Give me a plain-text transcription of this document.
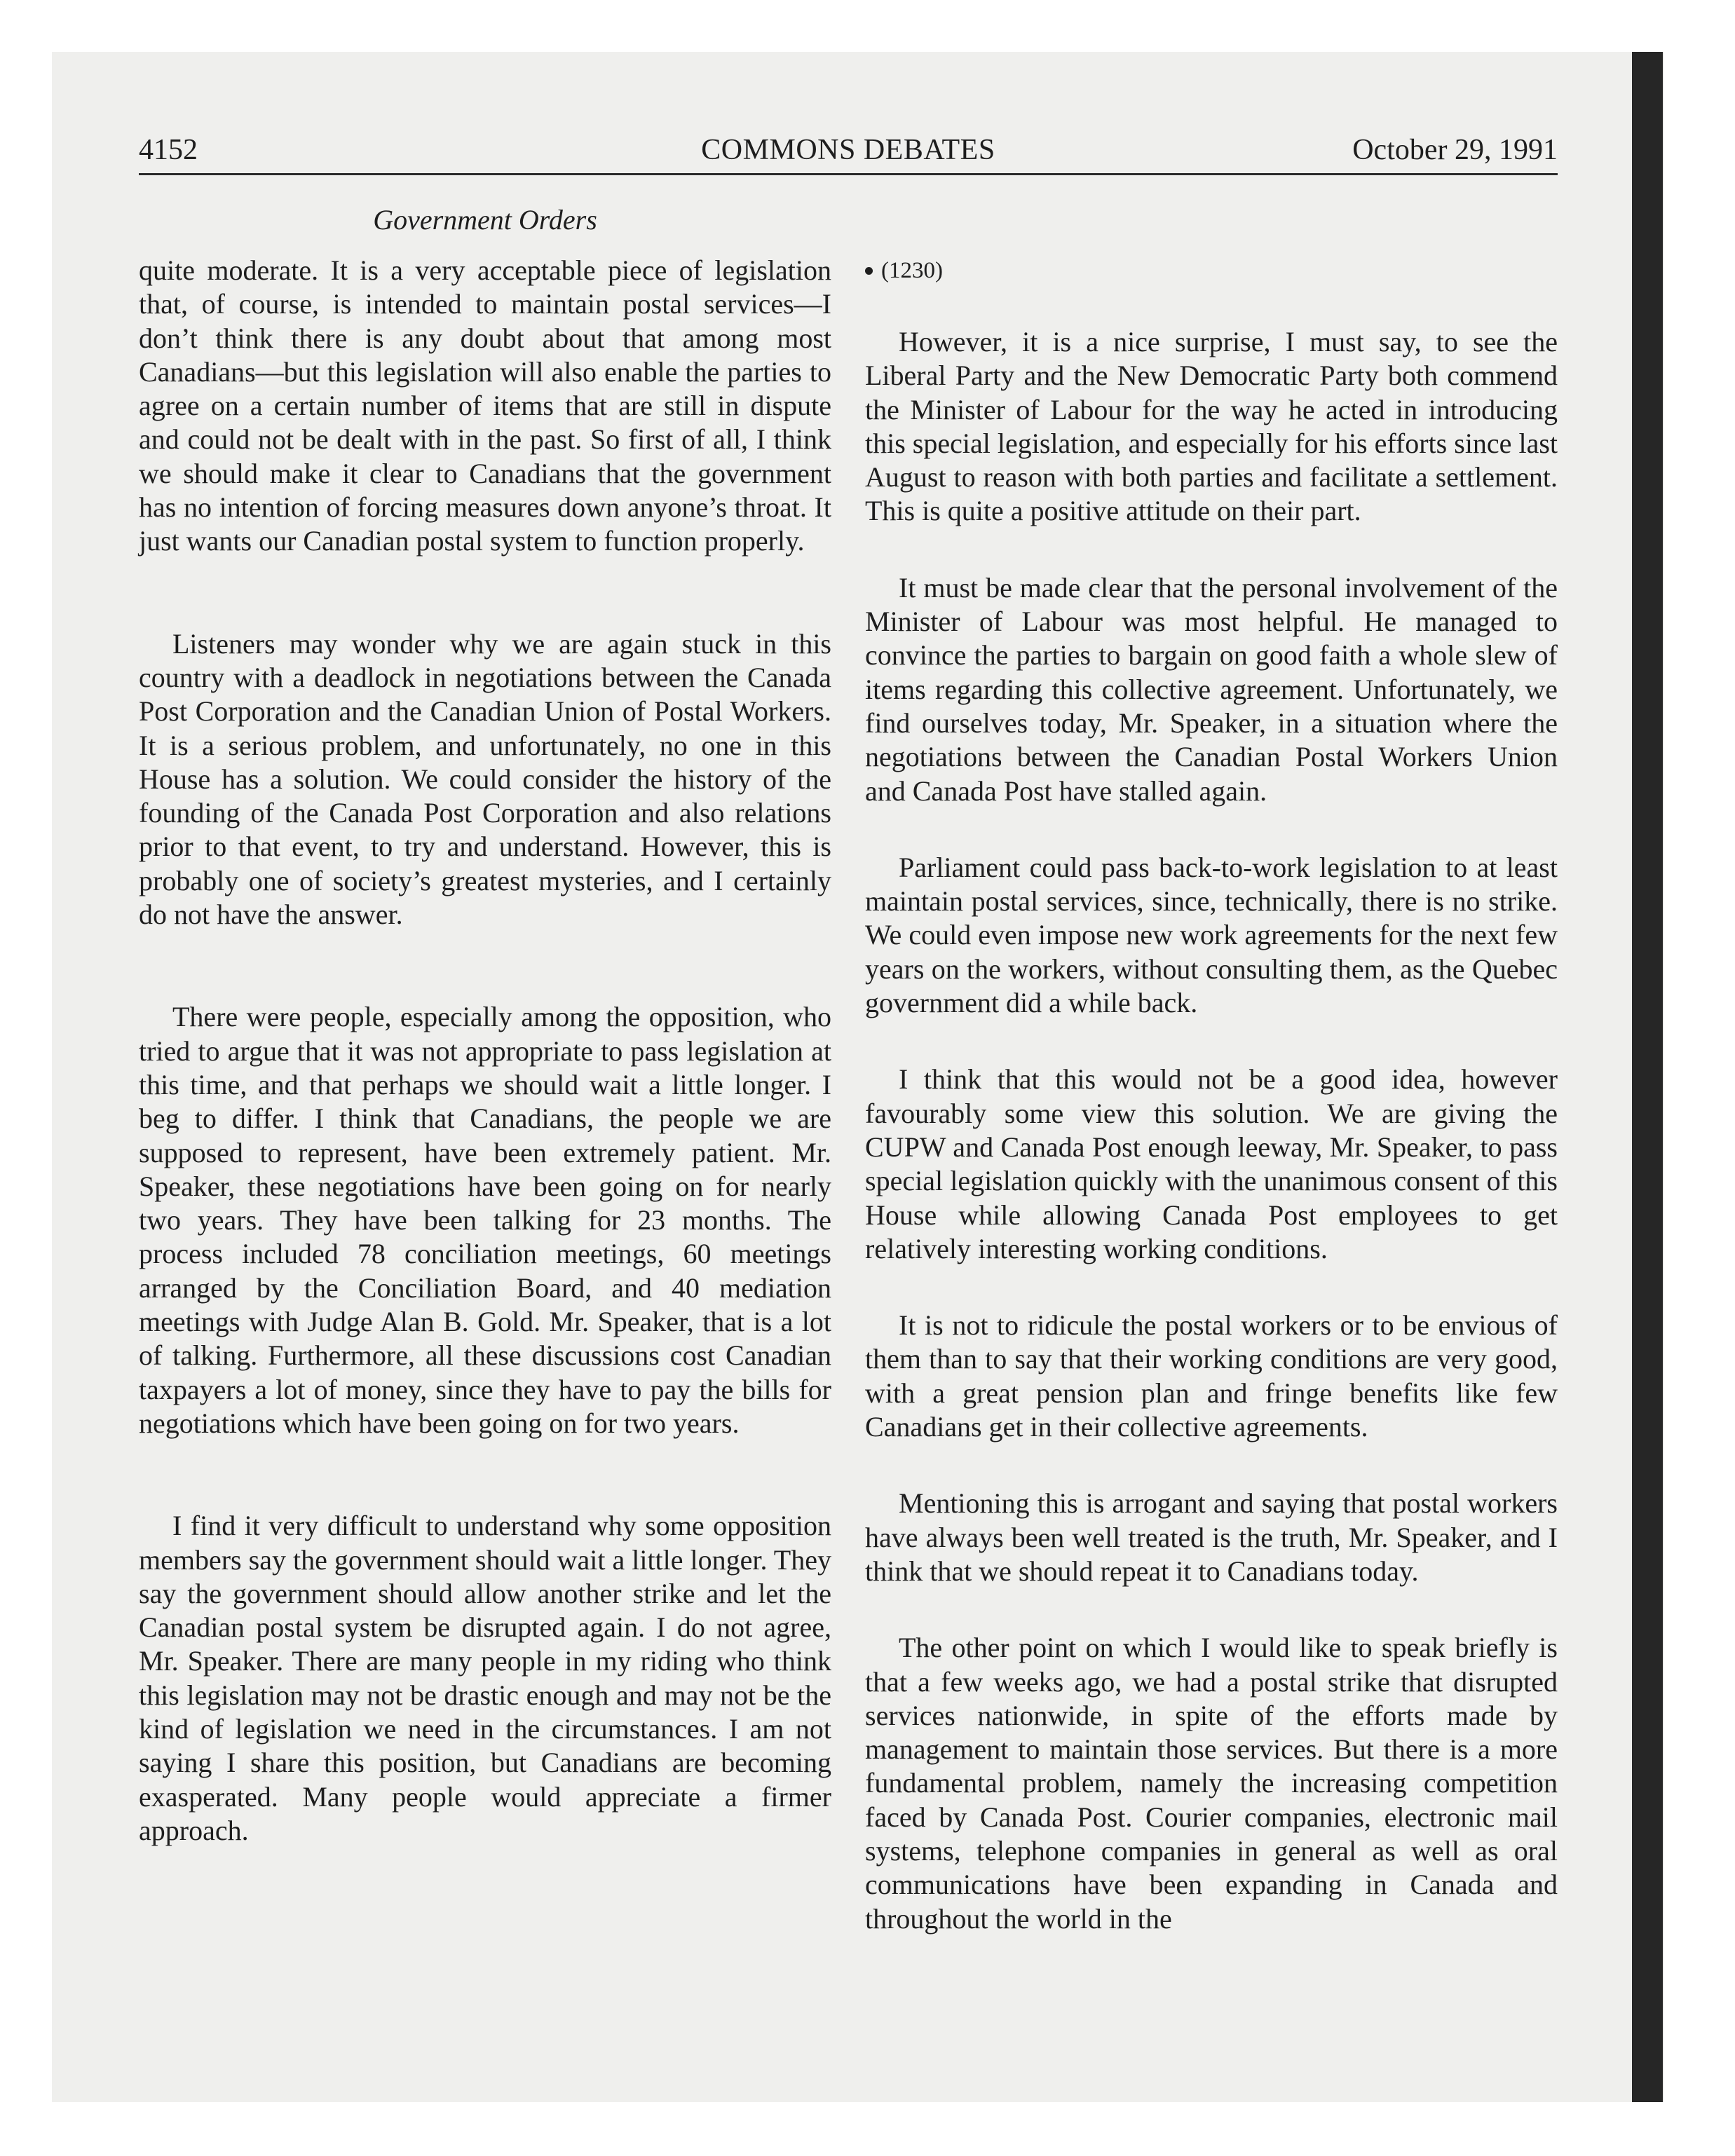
4152	COMMONS DEBATES	October 29, 1991
Government Orders

quite moderate. It is a very acceptable piece of legislation that, of course, is intended to maintain postal services—I don’t think there is any doubt about that among most Canadians—but this legislation will also enable the parties to agree on a certain number of items that are still in dispute and could not be dealt with in the past. So first of all, I think we should make it clear to Canadians that the government has no intention of forcing measures down anyone’s throat. It just wants our Canadian postal system to function properly.

Listeners may wonder why we are again stuck in this country with a deadlock in negotiations between the Canada Post Corporation and the Canadian Union of Postal Workers. It is a serious problem, and unfortunately, no one in this House has a solution. We could consider the history of the founding of the Canada Post Corporation and also relations prior to that event, to try and understand. However, this is probably one of society’s greatest mysteries, and I certainly do not have the answer.

There were people, especially among the opposition, who tried to argue that it was not appropriate to pass legislation at this time, and that perhaps we should wait a little longer. I beg to differ. I think that Canadians, the people we are supposed to represent, have been extremely patient. Mr. Speaker, these negotiations have been going on for nearly two years. They have been talking for 23 months. The process included 78 conciliation meetings, 60 meetings arranged by the Conciliation Board, and 40 mediation meetings with Judge Alan B. Gold. Mr. Speaker, that is a lot of talking. Furthermore, all these discussions cost Canadian taxpayers a lot of money, since they have to pay the bills for negotiations which have been going on for two years.

I find it very difficult to understand why some opposition members say the government should wait a little longer. They say the government should allow another strike and let the Canadian postal system be disrupted again. I do not agree, Mr. Speaker. There are many people in my riding who think this legislation may not be drastic enough and may not be the kind of legislation we need in the circumstances. I am not saying I share this position, but Canadians are becoming exasperated. Many people would appreciate a firmer approach.

(1230)

However, it is a nice surprise, I must say, to see the Liberal Party and the New Democratic Party both commend the Minister of Labour for the way he acted in introducing this special legislation, and especially for his efforts since last August to reason with both parties and facilitate a settlement. This is quite a positive attitude on their part.

It must be made clear that the personal involvement of the Minister of Labour was most helpful. He managed to convince the parties to bargain on good faith a whole slew of items regarding this collective agreement. Unfortunately, we find ourselves today, Mr. Speaker, in a situation where the negotiations between the Canadian Postal Workers Union and Canada Post have stalled again.

Parliament could pass back-to-work legislation to at least maintain postal services, since, technically, there is no strike. We could even impose new work agreements for the next few years on the workers, without consulting them, as the Quebec government did a while back.

I think that this would not be a good idea, however favourably some view this solution. We are giving the CUPW and Canada Post enough leeway, Mr. Speaker, to pass special legislation quickly with the unanimous consent of this House while allowing Canada Post employees to get relatively interesting working conditions.

It is not to ridicule the postal workers or to be envious of them than to say that their working conditions are very good, with a great pension plan and fringe benefits like few Canadians get in their collective agreements.

Mentioning this is arrogant and saying that postal workers have always been well treated is the truth, Mr. Speaker, and I think that we should repeat it to Canadians today.

The other point on which I would like to speak briefly is that a few weeks ago, we had a postal strike that disrupted services nationwide, in spite of the efforts made by management to maintain those services. But there is a more fundamental problem, namely the increasing competition faced by Canada Post. Courier companies, electronic mail systems, telephone companies in general as well as oral communications have been expanding in Canada and throughout the world in the
